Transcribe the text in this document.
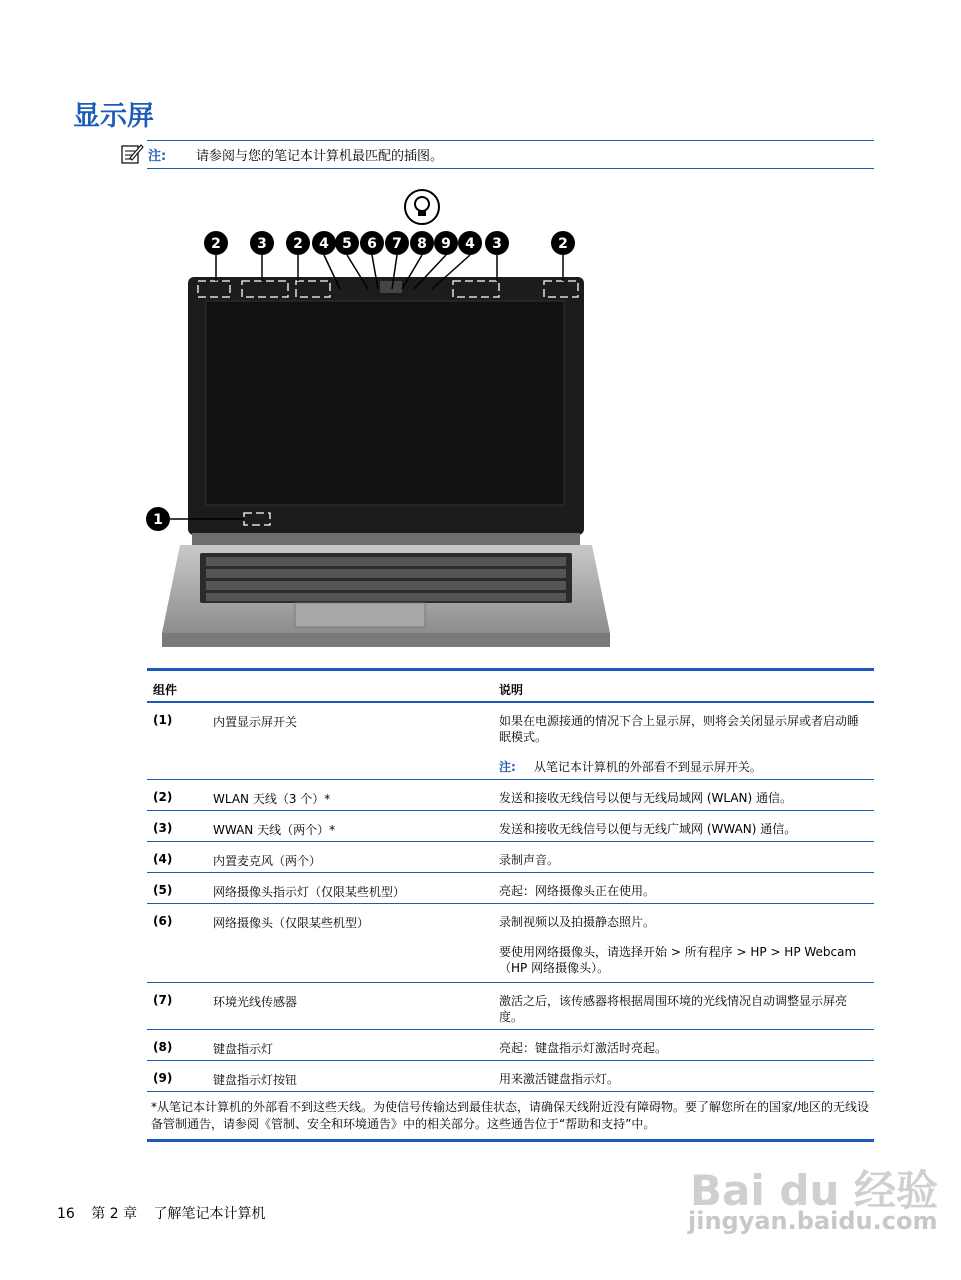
显示屏
注: 请参阅与您的笔记本计算机最匹配的插图。
2	3 2 4 5 6 7 8 9 4 3	2
1
组件	说明
(1)	内置显示屏开关	如果在电源接通的情况下合上显示屏，则将会关闭显示屏或者启动睡眠模式。

注: 从笔记本计算机的外部看不到显示屏开关。

(2)	WLAN 天线（3 个）*	发送和接收无线信号以便与无线局域网 (WLAN) 通信。

(3)	WWAN 天线（两个）*	发送和接收无线信号以便与无线广域网 (WWAN) 通信。

(4)	内置麦克风（两个）	录制声音。

(5)	网络摄像头指示灯（仅限某些机型）	亮起：网络摄像头正在使用。

(6)	网络摄像头（仅限某些机型）	录制视频以及拍摄静态照片。

要使用网络摄像头，请选择开始 > 所有程序 > HP > HP Webcam（HP 网络摄像头）。

(7)	环境光线传感器	激活之后，该传感器将根据周围环境的光线情况自动调整显示屏亮度。

(8)	键盘指示灯	亮起：键盘指示灯激活时亮起。

(9)	键盘指示灯按钮	用来激活键盘指示灯。

*从笔记本计算机的外部看不到这些天线。为使信号传输达到最佳状态，请确保天线附近没有障碍物。要了解您所在的国家/地区的无线设备管制通告，请参阅《管制、安全和环境通告》中的相关部分。这些通告位于“帮助和支持”中。
16 第 2 章 了解笔记本计算机	Bai du 经验
jingyan.baidu.com
